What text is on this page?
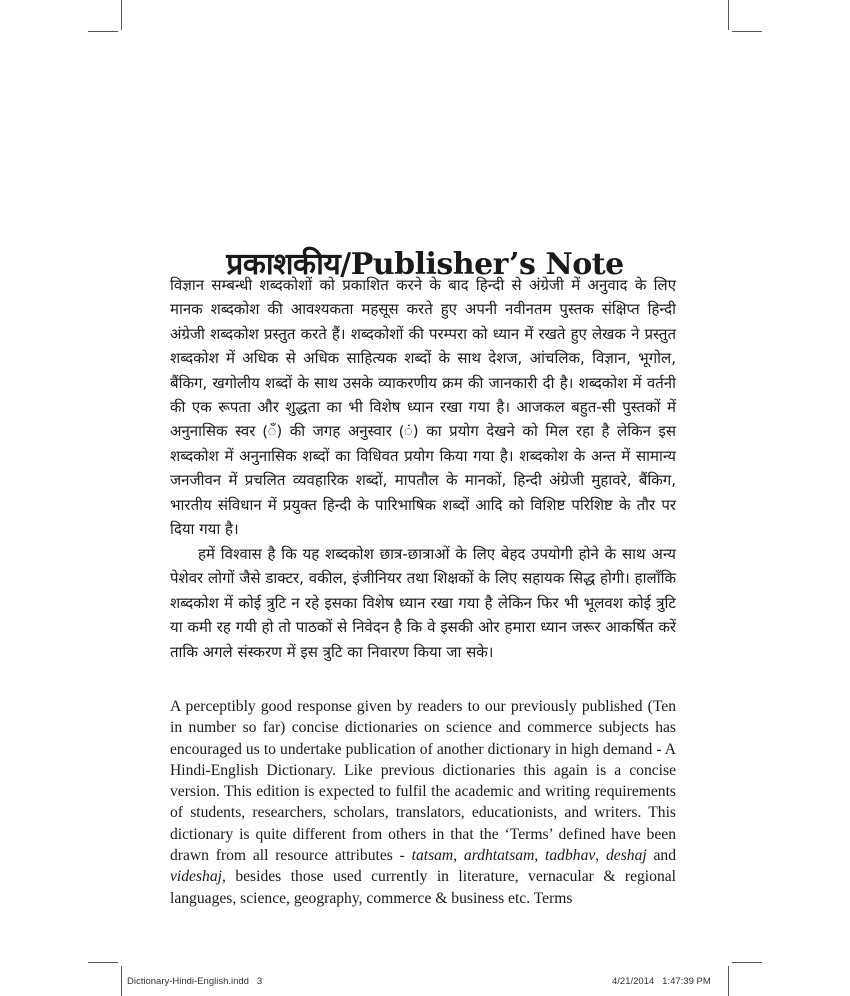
प्रकाशकीय/Publisher’s Note

विज्ञान सम्बन्धी शब्दकोशों को प्रकाशित करने के बाद हिन्दी से अंग्रेजी में अनुवाद के लिए मानक शब्दकोश की आवश्यकता महसूस करते हुए अपनी नवीनतम पुस्तक संक्षिप्त हिन्दी अंग्रेजी शब्दकोश प्रस्तुत करते हैं। शब्दकोशों की परम्परा को ध्यान में रखते हुए लेखक ने प्रस्तुत शब्दकोश में अधिक से अधिक साहित्यक शब्दों के साथ देशज, आंचलिक, विज्ञान, भूगोल, बैंकिग, खगोलीय शब्दों के साथ उसके व्याकरणीय क्रम की जानकारी दी है। शब्दकोश में वर्तनी की एक रूपता और शुद्धता का भी विशेष ध्यान रखा गया है। आजकल बहुत-सी पुस्तकों में अनुनासिक स्वर (ँ) की जगह अनुस्वार (ं) का प्रयोग देखने को मिल रहा है लेकिन इस शब्दकोश में अनुनासिक शब्दों का विधिवत प्रयोग किया गया है। शब्दकोश के अन्त में सामान्य जनजीवन में प्रचलित व्यवहारिक शब्दों, मापतौल के मानकों, हिन्दी अंग्रेजी मुहावरे, बैंकिग, भारतीय संविधान में प्रयुक्त हिन्दी के पारिभाषिक शब्दों आदि को विशिष्ट परिशिष्ट के तौर पर दिया गया है।

हमें विश्वास है कि यह शब्दकोश छात्र-छात्राओं के लिए बेहद उपयोगी होने के साथ अन्य पेशेवर लोगों जैसे डाक्टर, वकील, इंजीनियर तथा शिक्षकों के लिए सहायक सिद्ध होगी। हालाँकि शब्दकोश में कोई त्रुटि न रहे इसका विशेष ध्यान रखा गया है लेकिन फिर भी भूलवश कोई त्रुटि या कमी रह गयी हो तो पाठकों से निवेदन है कि वे इसकी ओर हमारा ध्यान जरूर आकर्षित करें ताकि अगले संस्करण में इस त्रुटि का निवारण किया जा सके।

A perceptibly good response given by readers to our previously published (Ten in number so far) concise dictionaries on science and commerce subjects has encouraged us to undertake publication of another dictionary in high demand - A Hindi-English Dictionary. Like previous dictionaries this again is a concise version. This edition is expected to fulfil the academic and writing requirements of students, researchers, scholars, translators, educationists, and writers. This dictionary is quite different from others in that the ‘Terms’ defined have been drawn from all resource attributes - tatsam, ardhtatsam, tadbhav, deshaj and videshaj, besides those used currently in literature, vernacular & regional languages, science, geography, commerce & business etc. Terms

Dictionary-Hindi-English.indd   3	4/21/2014   1:47:39 PM
